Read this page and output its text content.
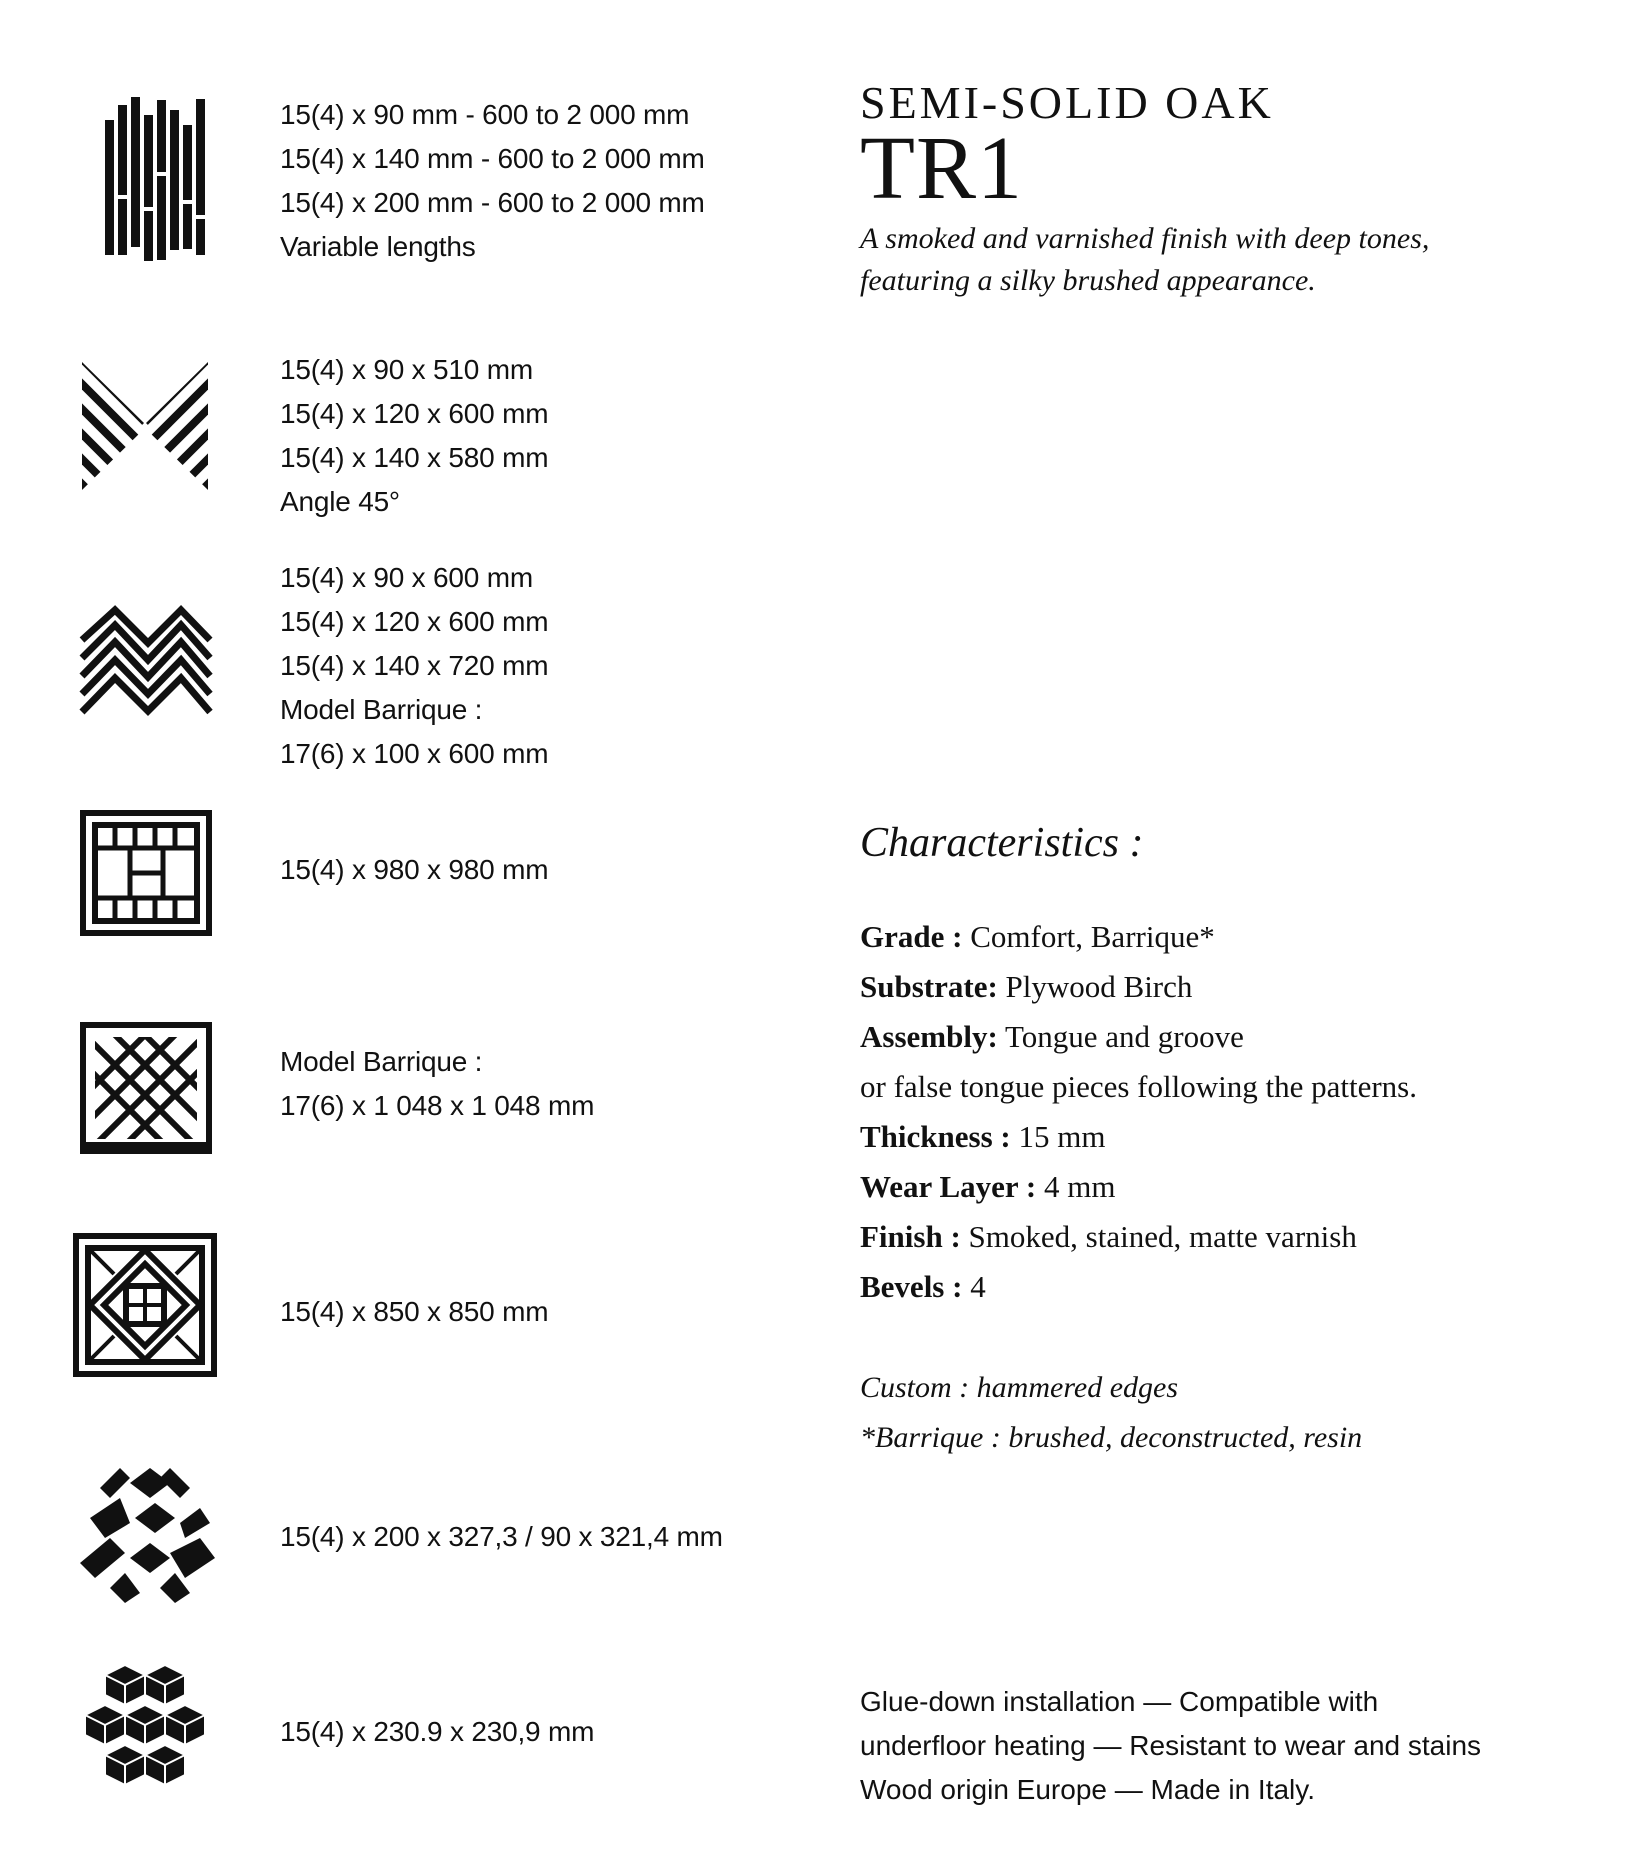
15(4) x 90 mm - 600 to 2 000 mm
15(4) x 140 mm - 600 to 2 000 mm
15(4) x 200 mm - 600 to 2 000 mm
Variable lengths
15(4) x 90 x 510 mm
15(4) x 120 x 600 mm
15(4) x 140 x 580 mm
Angle 45°
15(4) x 90 x 600 mm
15(4) x 120 x 600 mm
15(4) x 140 x 720 mm
Model Barrique :
17(6) x 100 x 600 mm
15(4) x 980 x 980 mm
Model Barrique :
17(6) x 1 048 x 1 048 mm
15(4) x 850 x 850 mm
15(4) x 200 x 327,3 / 90 x 321,4 mm
15(4) x 230.9 x 230,9 mm
SEMI-SOLID OAK
TR1
A smoked and varnished finish with deep tones,
featuring a silky brushed appearance.
Characteristics :
Grade : Comfort, Barrique*
Substrate: Plywood Birch
Assembly: Tongue and groove
or false tongue pieces following the patterns.
Thickness : 15 mm
Wear Layer : 4 mm
Finish : Smoked, stained, matte varnish
Bevels : 4
Custom : hammered edges
*Barrique : brushed, deconstructed, resin
Glue-down installation — Compatible with
underfloor heating — Resistant to wear and stains
Wood origin Europe — Made in Italy.
